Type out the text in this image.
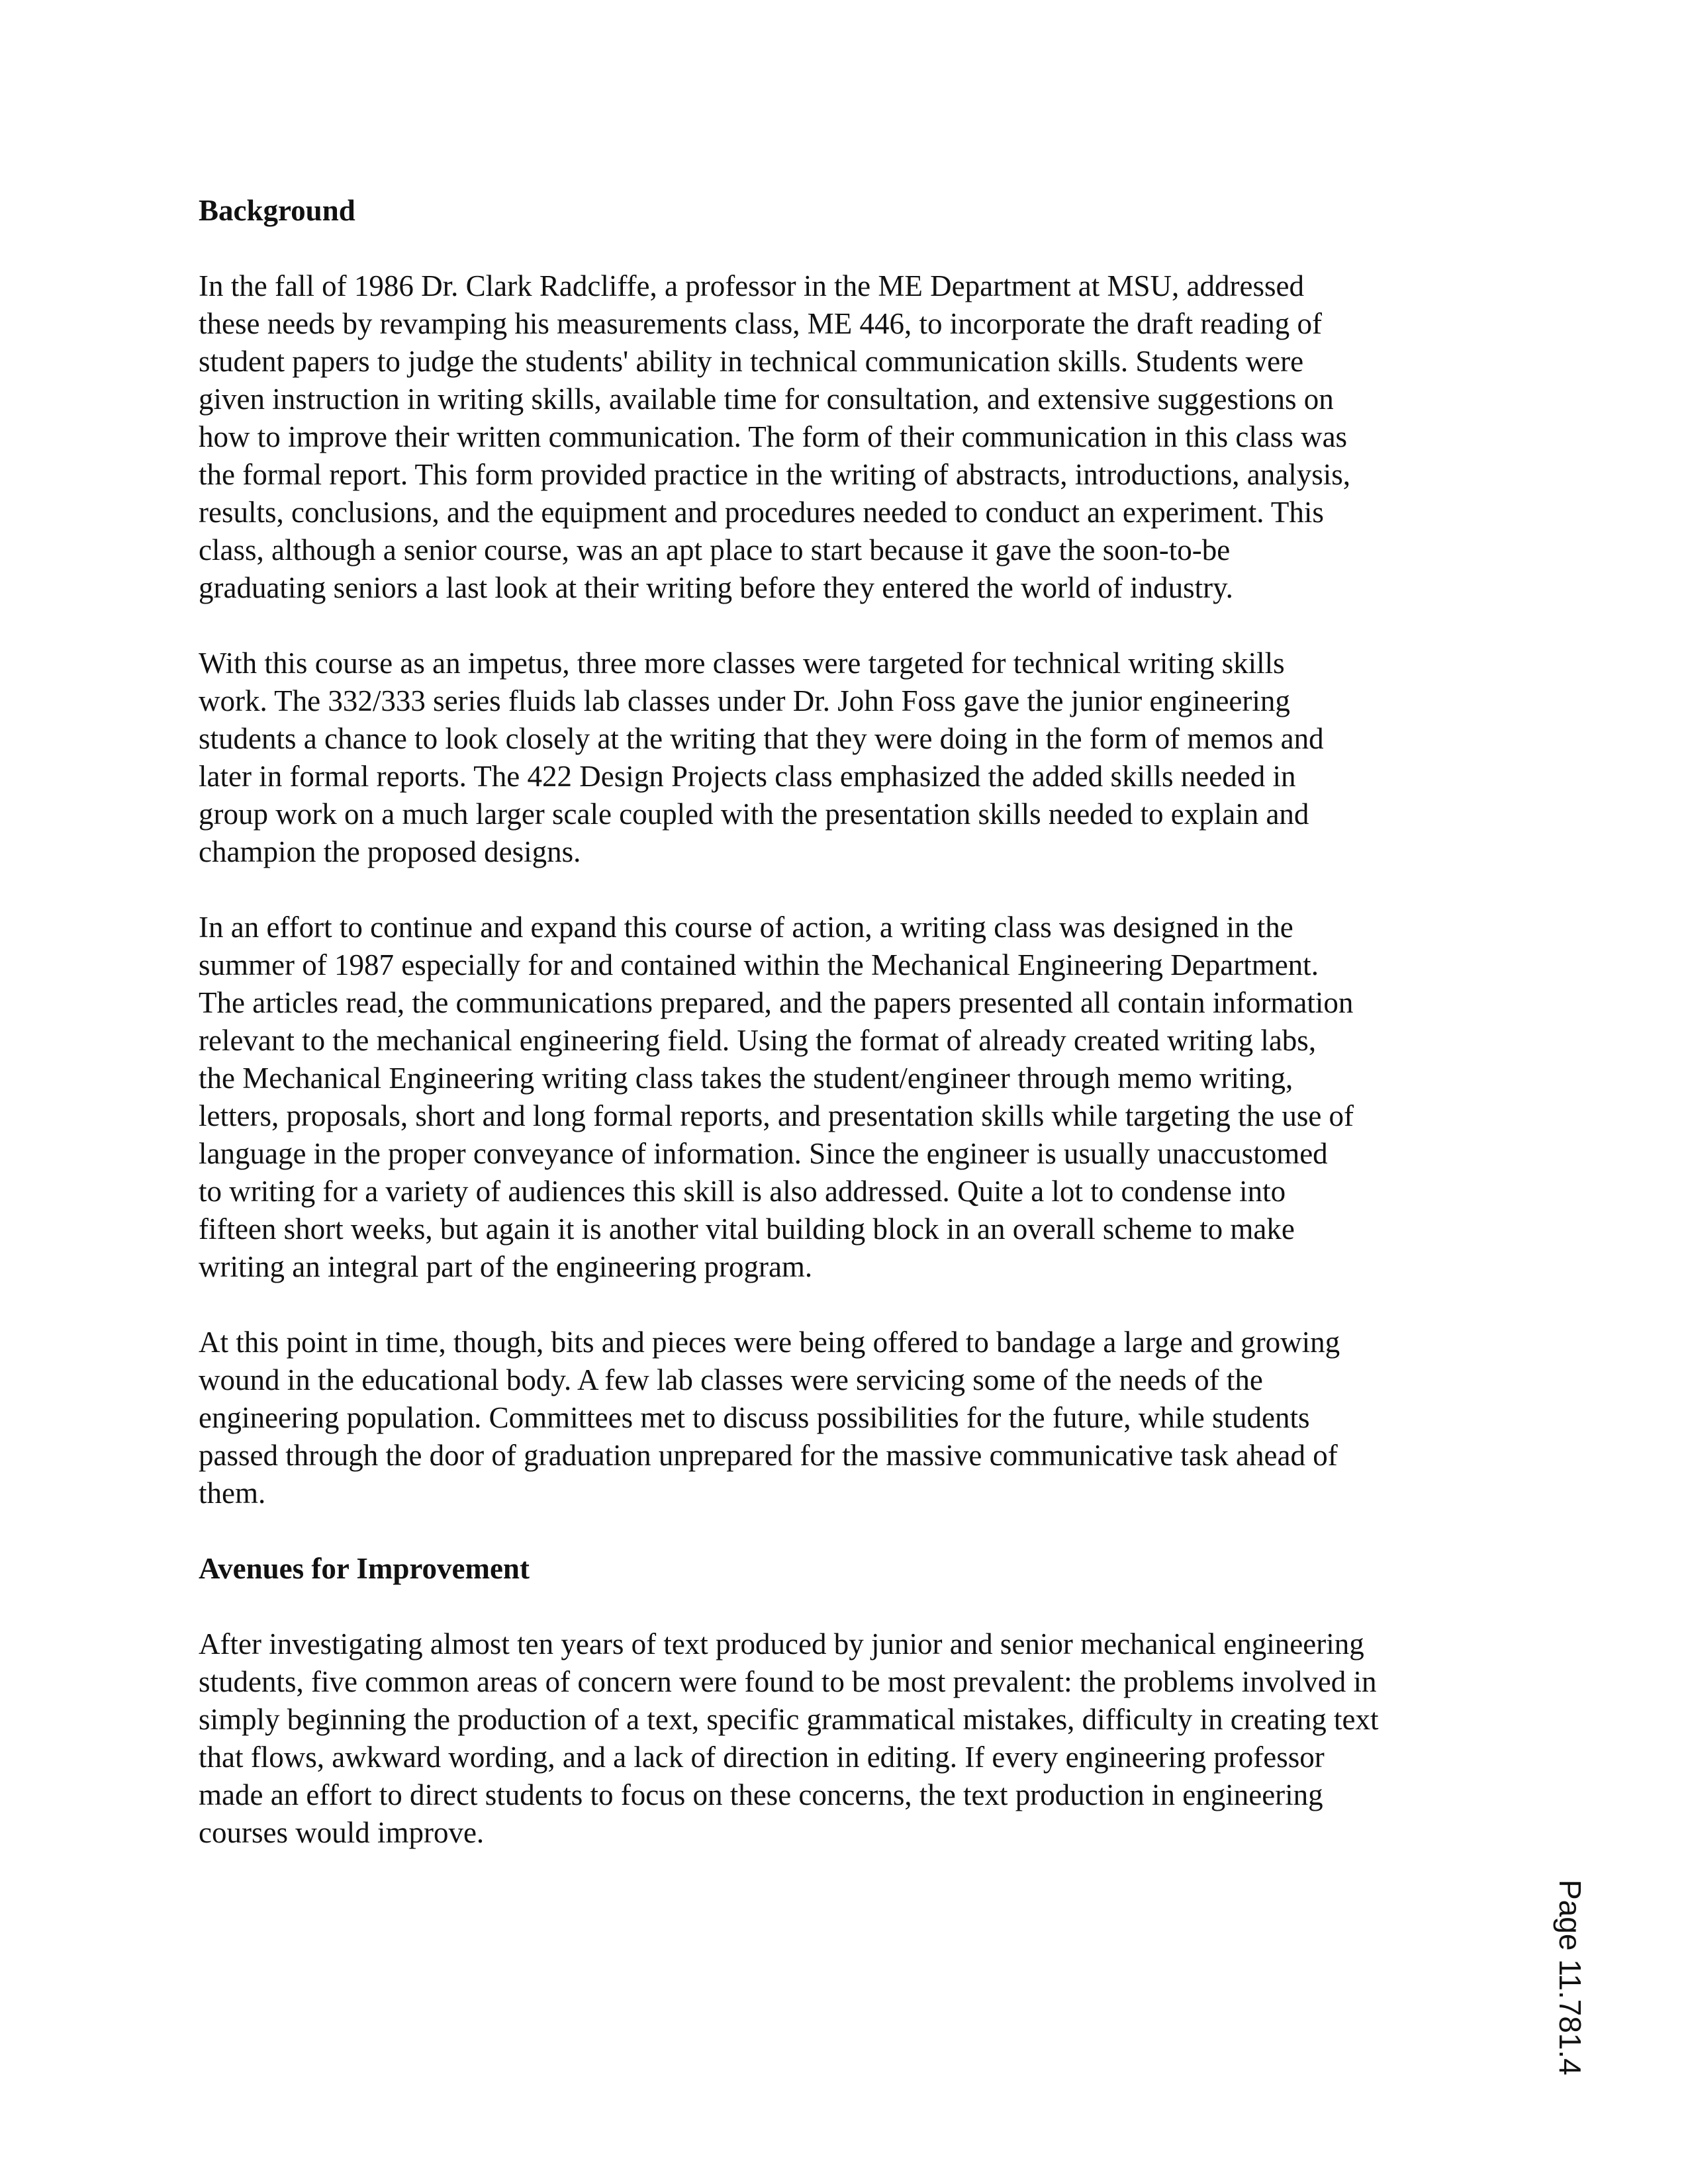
Background

In the fall of 1986 Dr. Clark Radcliffe, a professor in the ME Department at MSU, addressed
these needs by revamping his measurements class, ME 446, to incorporate the draft reading of
student papers to judge the students' ability in technical communication skills. Students were
given instruction in writing skills, available time for consultation, and extensive suggestions on
how to improve their written communication. The form of their communication in this class was
the formal report. This form provided practice in the writing of abstracts, introductions, analysis,
results, conclusions, and the equipment and procedures needed to conduct an experiment. This
class, although a senior course, was an apt place to start because it gave the soon-to-be
graduating seniors a last look at their writing before they entered the world of industry.

With this course as an impetus, three more classes were targeted for technical writing skills
work. The 332/333 series fluids lab classes under Dr. John Foss gave the junior engineering
students a chance to look closely at the writing that they were doing in the form of memos and
later in formal reports. The 422 Design Projects class emphasized the added skills needed in
group work on a much larger scale coupled with the presentation skills needed to explain and
champion the proposed designs.

In an effort to continue and expand this course of action, a writing class was designed in the
summer of 1987 especially for and contained within the Mechanical Engineering Department.
The articles read, the communications prepared, and the papers presented all contain information
relevant to the mechanical engineering field. Using the format of already created writing labs,
the Mechanical Engineering writing class takes the student/engineer through memo writing,
letters, proposals, short and long formal reports, and presentation skills while targeting the use of
language in the proper conveyance of information. Since the engineer is usually unaccustomed
to writing for a variety of audiences this skill is also addressed. Quite a lot to condense into
fifteen short weeks, but again it is another vital building block in an overall scheme to make
writing an integral part of the engineering program.

At this point in time, though, bits and pieces were being offered to bandage a large and growing
wound in the educational body. A few lab classes were servicing some of the needs of the
engineering population. Committees met to discuss possibilities for the future, while students
passed through the door of graduation unprepared for the massive communicative task ahead of
them.

Avenues for Improvement

After investigating almost ten years of text produced by junior and senior mechanical engineering
students, five common areas of concern were found to be most prevalent: the problems involved in
simply beginning the production of a text, specific grammatical mistakes, difficulty in creating text
that flows, awkward wording, and a lack of direction in editing. If every engineering professor
made an effort to direct students to focus on these concerns, the text production in engineering
courses would improve.

Page 11.781.4
